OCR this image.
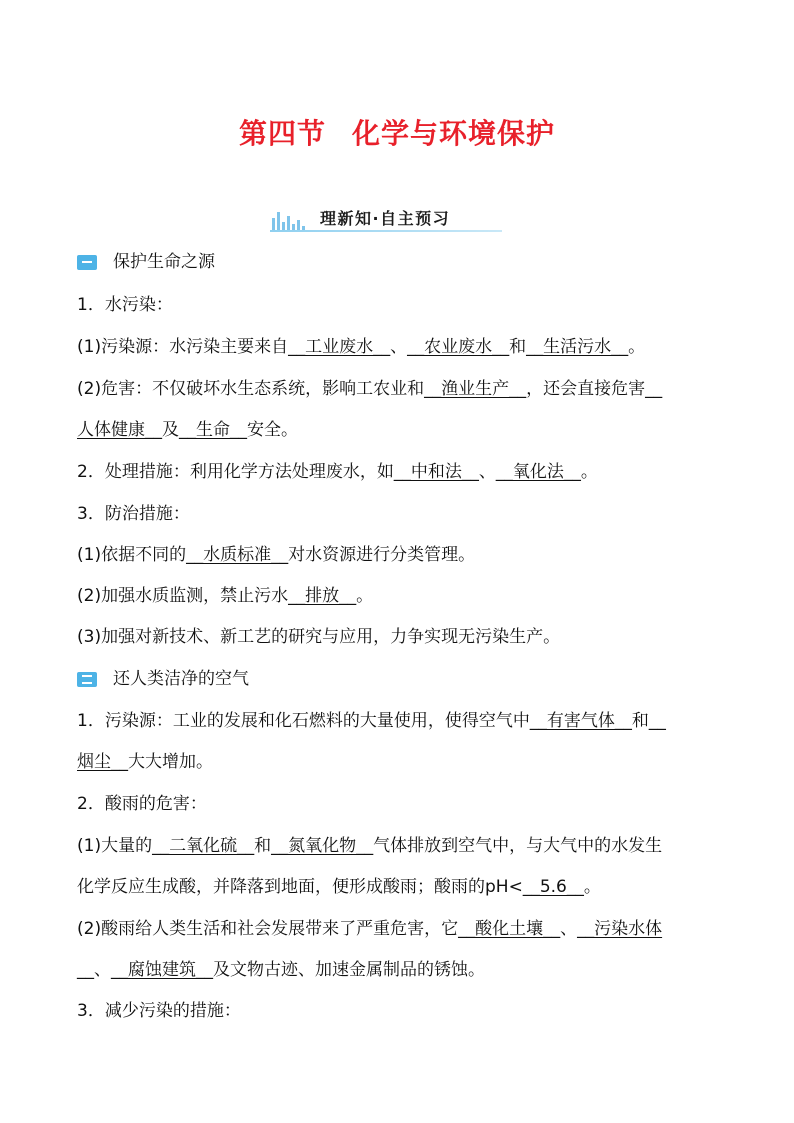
第四节 化学与环境保护
理新知·自主预习
保护生命之源
1．水污染：
(1)污染源：水污染主要来自__工业废水__、__农业废水__和__生活污水__。
(2)危害：不仅破坏水生态系统，影响工农业和__渔业生产__，还会直接危害__
人体健康__及__生命__安全。
2．处理措施：利用化学方法处理废水，如__中和法__、__氧化法__。
3．防治措施：
(1)依据不同的__水质标准__对水资源进行分类管理。
(2)加强水质监测，禁止污水__排放__。
(3)加强对新技术、新工艺的研究与应用，力争实现无污染生产。
还人类洁净的空气
1．污染源：工业的发展和化石燃料的大量使用，使得空气中__有害气体__和__
烟尘__大大增加。
2．酸雨的危害：
(1)大量的__二氧化硫__和__氮氧化物__气体排放到空气中，与大气中的水发生
化学反应生成酸，并降落到地面，便形成酸雨；酸雨的pH<__5.6__。
(2)酸雨给人类生活和社会发展带来了严重危害，它__酸化土壤__、__污染水体
__、__腐蚀建筑__及文物古迹、加速金属制品的锈蚀。
3．减少污染的措施：
